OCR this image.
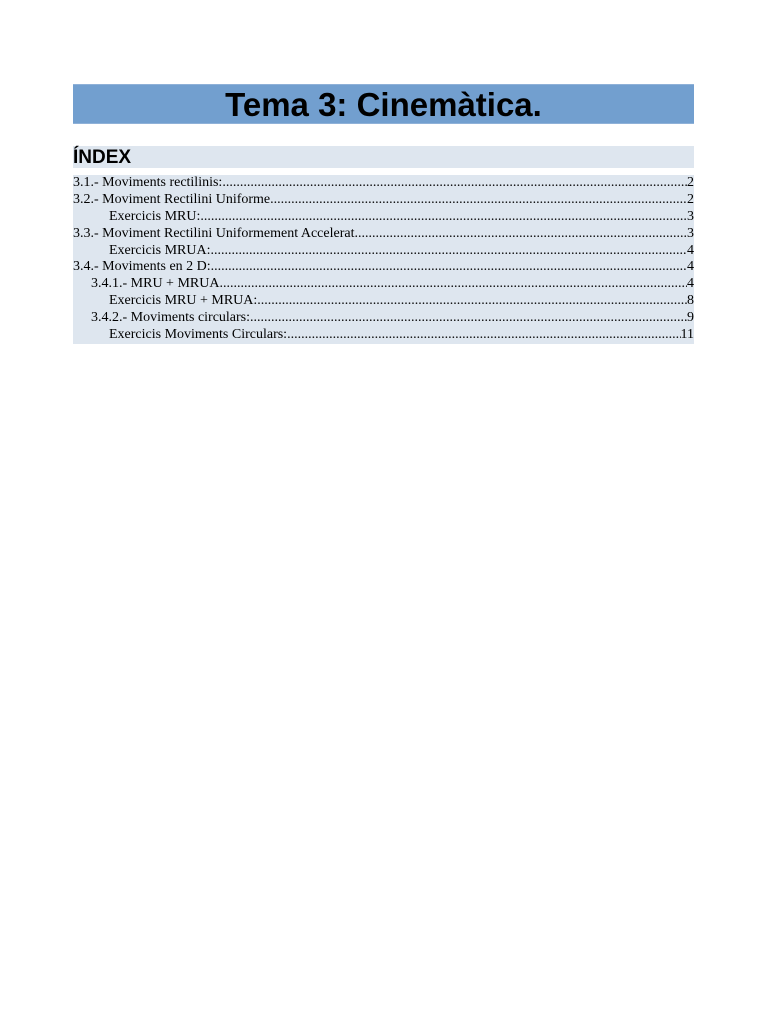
Tema 3: Cinemàtica.
ÍNDEX
3.1.- Moviments rectilinis: .....	2
3.2.- Moviment Rectilini Uniforme. .....	2
Exercicis MRU: .....	3
3.3.- Moviment Rectilini Uniformement Accelerat. .....	3
Exercicis MRUA: .....	4
3.4.- Moviments en 2 D: .....	4
3.4.1.- MRU + MRUA. .....	4
Exercicis MRU + MRUA: .....	8
3.4.2.- Moviments circulars: .....	9
Exercicis Moviments Circulars: .....	11
